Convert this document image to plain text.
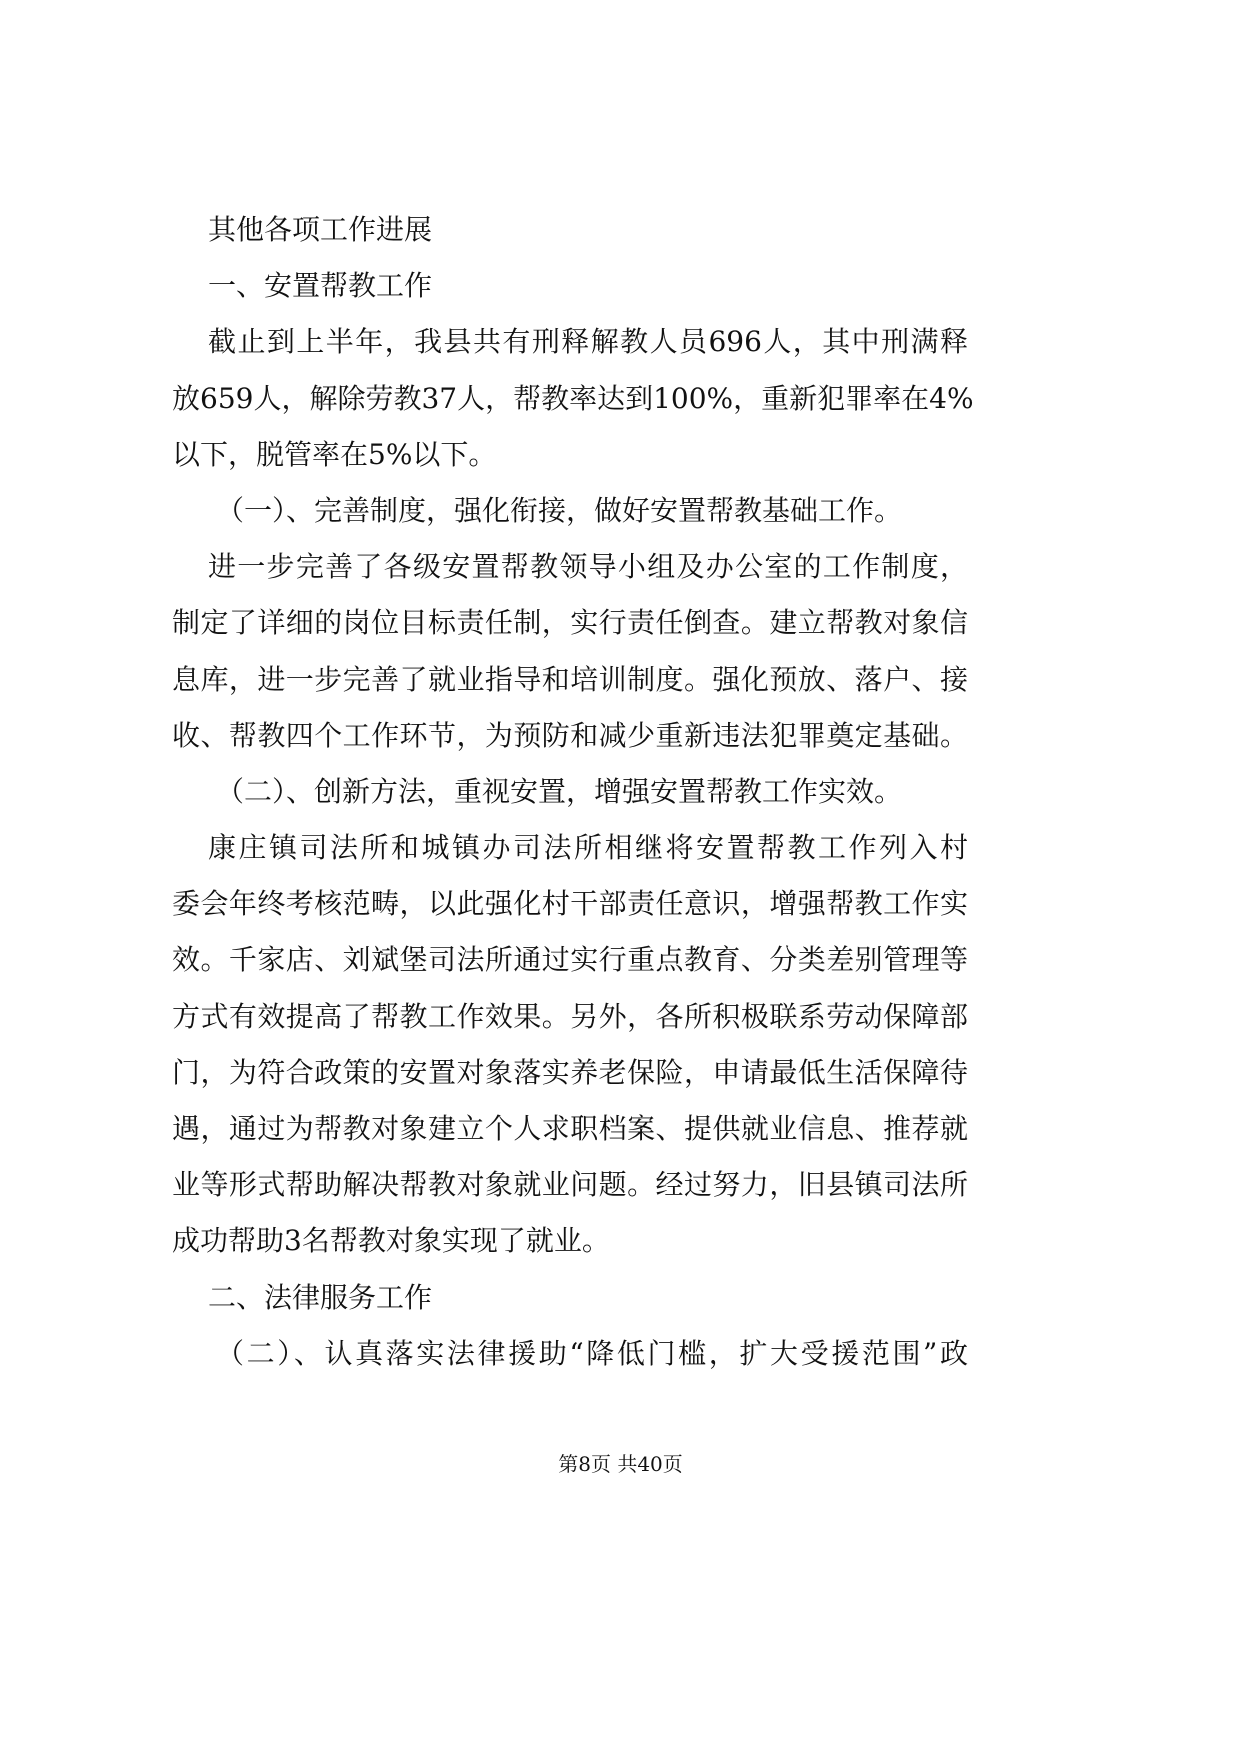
其他各项工作进展
一、安置帮教工作
截止到上半年，我县共有刑释解教人员696人，其中刑满释
放659人，解除劳教37人，帮教率达到100%，重新犯罪率在4%
以下，脱管率在5%以下。
（一）、完善制度，强化衔接，做好安置帮教基础工作。
进一步完善了各级安置帮教领导小组及办公室的工作制度，
制定了详细的岗位目标责任制，实行责任倒查。建立帮教对象信
息库，进一步完善了就业指导和培训制度。强化预放、落户、接
收、帮教四个工作环节，为预防和减少重新违法犯罪奠定基础。
（二）、创新方法，重视安置，增强安置帮教工作实效。
康庄镇司法所和城镇办司法所相继将安置帮教工作列入村
委会年终考核范畴，以此强化村干部责任意识，增强帮教工作实
效。千家店、刘斌堡司法所通过实行重点教育、分类差别管理等
方式有效提高了帮教工作效果。另外，各所积极联系劳动保障部
门，为符合政策的安置对象落实养老保险，申请最低生活保障待
遇，通过为帮教对象建立个人求职档案、提供就业信息、推荐就
业等形式帮助解决帮教对象就业问题。经过努力，旧县镇司法所
成功帮助3名帮教对象实现了就业。
二、法律服务工作
（二）、认真落实法律援助“降低门槛，扩大受援范围”政
第8页 共40页
